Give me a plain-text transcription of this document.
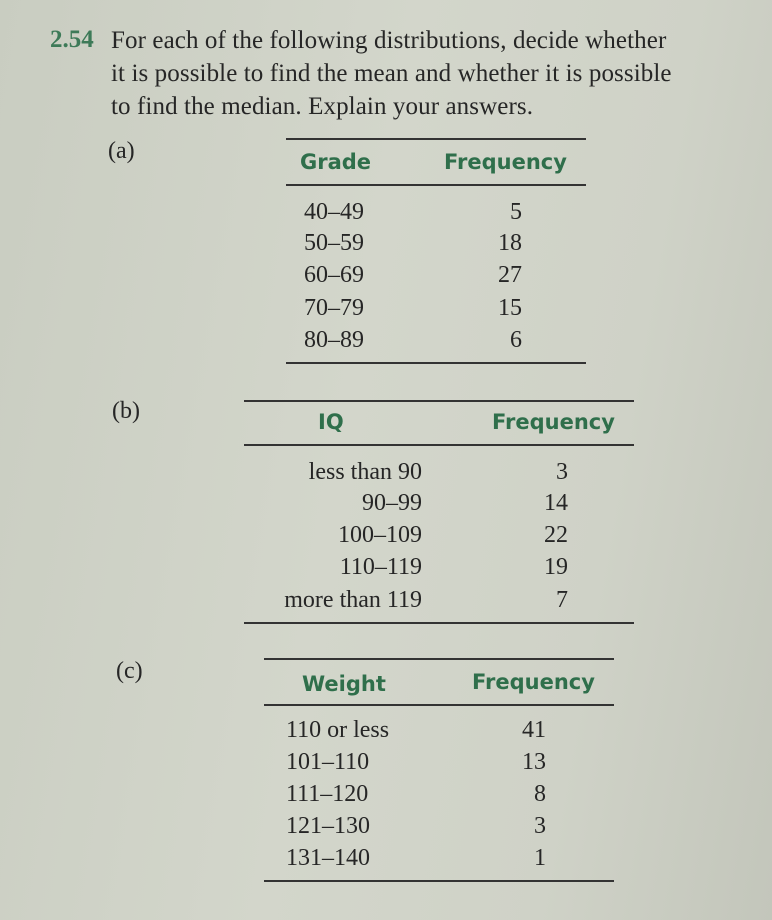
2.54 For each of the following distributions, decide whether
it is possible to find the mean and whether it is possible
to find the median. Explain your answers.
(a)	Grade	Frequency
40–49	5
50–59	18
60–69	27
70–79	15
80–89	6
(b)	IQ	Frequency
less than 90	3
90–99	14
100–109	22
110–119	19
more than 119	7
(c)	Weight	Frequency
110 or less	41
101–110	13
111–120	8
121–130	3
131–140	1
